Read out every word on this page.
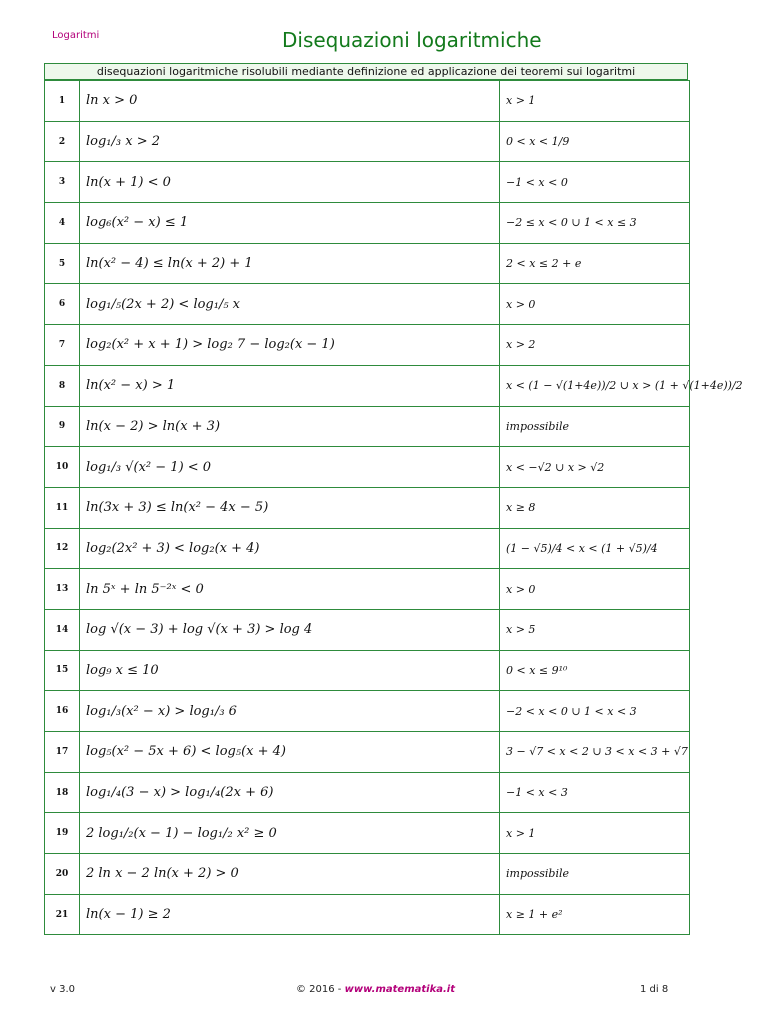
Logaritmi	Disequazioni logaritmiche
disequazioni logaritmiche risolubili mediante definizione ed applicazione dei teoremi sui logaritmi
1	ln x > 0	x > 1
2	log₁/₃ x > 2	0 < x < 1/9
3	ln(x + 1) < 0	−1 < x < 0
4	log₆(x² − x) ≤ 1	−2 ≤ x < 0 ∪ 1 < x ≤ 3
5	ln(x² − 4) ≤ ln(x + 2) + 1	2 < x ≤ 2 + e
6	log₁/₅(2x + 2) < log₁/₅ x	x > 0
7	log₂(x² + x + 1) > log₂ 7 − log₂(x − 1)	x > 2
8	ln(x² − x) > 1	x < (1 − √(1+4e))/2 ∪ x > (1 + √(1+4e))/2
9	ln(x − 2) > ln(x + 3)	impossibile
10	log₁/₃ √(x² − 1) < 0	x < −√2 ∪ x > √2
11	ln(3x + 3) ≤ ln(x² − 4x − 5)	x ≥ 8
12	log₂(2x² + 3) < log₂(x + 4)	(1 − √5)/4 < x < (1 + √5)/4
13	ln 5ˣ + ln 5⁻²ˣ < 0	x > 0
14	log √(x − 3) + log √(x + 3) > log 4	x > 5
15	log₉ x ≤ 10	0 < x ≤ 9¹⁰
16	log₁/₃(x² − x) > log₁/₃ 6	−2 < x < 0 ∪ 1 < x < 3
17	log₅(x² − 5x + 6) < log₅(x + 4)	3 − √7 < x < 2 ∪ 3 < x < 3 + √7
18	log₁/₄(3 − x) > log₁/₄(2x + 6)	−1 < x < 3
19	2 log₁/₂(x − 1) − log₁/₂ x² ≥ 0	x > 1
20	2 ln x − 2 ln(x + 2) > 0	impossibile
21	ln(x − 1) ≥ 2	x ≥ 1 + e²
v 3.0	© 2016 - www.matematika.it	1 di 8
